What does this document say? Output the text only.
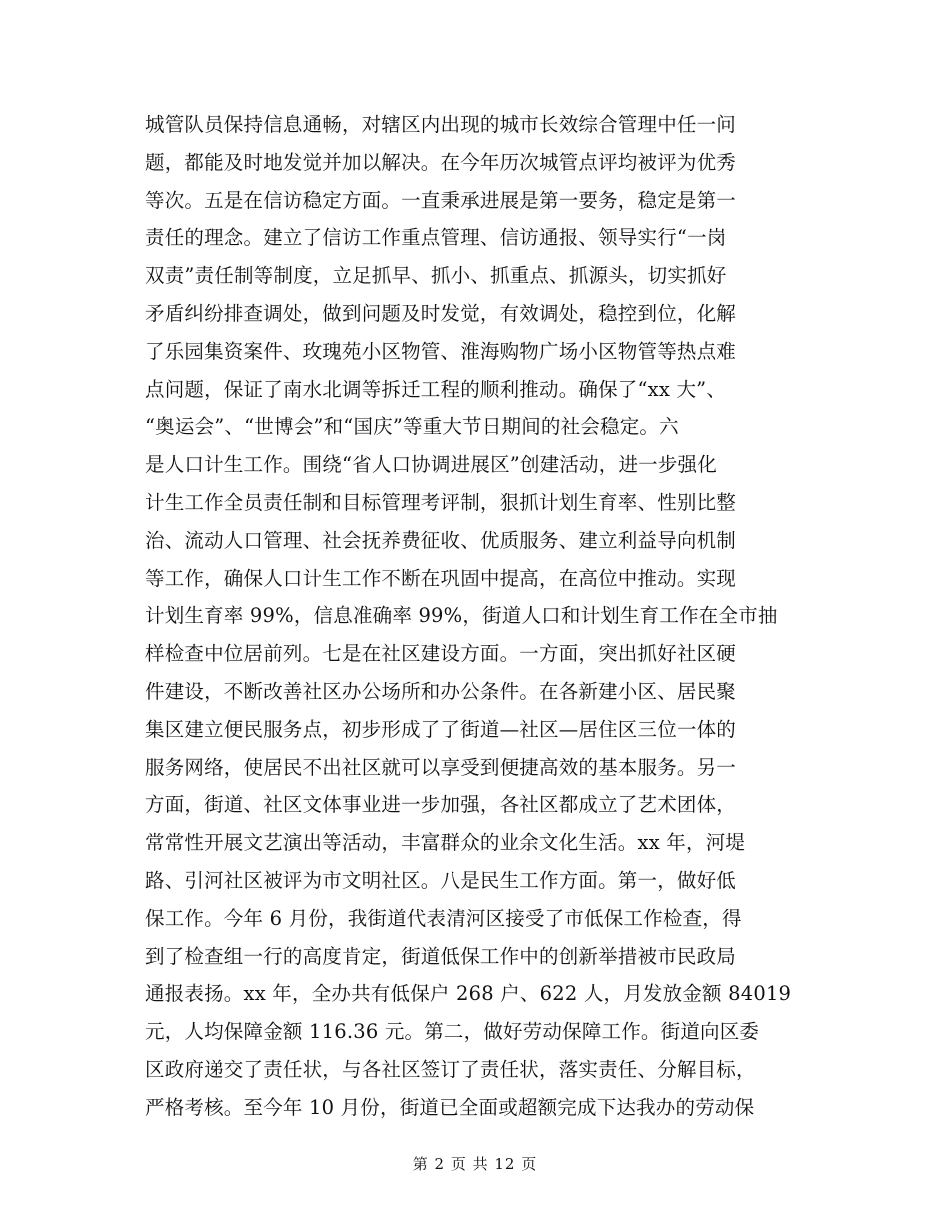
城管队员保持信息通畅，对辖区内出现的城市长效综合管理中任一问
题，都能及时地发觉并加以解决。在今年历次城管点评均被评为优秀
等次。五是在信访稳定方面。一直秉承进展是第一要务，稳定是第一
责任的理念。建立了信访工作重点管理、信访通报、领导实行“一岗
双责”责任制等制度，立足抓早、抓小、抓重点、抓源头，切实抓好
矛盾纠纷排查调处，做到问题及时发觉，有效调处，稳控到位，化解
了乐园集资案件、玫瑰苑小区物管、淮海购物广场小区物管等热点难
点问题，保证了南水北调等拆迁工程的顺利推动。确保了“xx 大”、
“奥运会”、“世博会”和“国庆”等重大节日期间的社会稳定。六
是人口计生工作。围绕“省人口协调进展区”创建活动，进一步强化
计生工作全员责任制和目标管理考评制，狠抓计划生育率、性别比整
治、流动人口管理、社会抚养费征收、优质服务、建立利益导向机制
等工作，确保人口计生工作不断在巩固中提高，在高位中推动。实现
计划生育率 99%，信息准确率 99%，街道人口和计划生育工作在全市抽
样检查中位居前列。七是在社区建设方面。一方面，突出抓好社区硬
件建设，不断改善社区办公场所和办公条件。在各新建小区、居民聚
集区建立便民服务点，初步形成了了街道—社区—居住区三位一体的
服务网络，使居民不出社区就可以享受到便捷高效的基本服务。另一
方面，街道、社区文体事业进一步加强，各社区都成立了艺术团体，
常常性开展文艺演出等活动，丰富群众的业余文化生活。xx 年，河堤
路、引河社区被评为市文明社区。八是民生工作方面。第一，做好低
保工作。今年 6 月份，我街道代表清河区接受了市低保工作检查，得
到了检查组一行的高度肯定，街道低保工作中的创新举措被市民政局
通报表扬。xx 年，全办共有低保户 268 户、622 人，月发放金额 84019
元，人均保障金额 116.36 元。第二，做好劳动保障工作。街道向区委
区政府递交了责任状，与各社区签订了责任状，落实责任、分解目标，
严格考核。至今年 10 月份，街道已全面或超额完成下达我办的劳动保
第 2 页 共 12 页
